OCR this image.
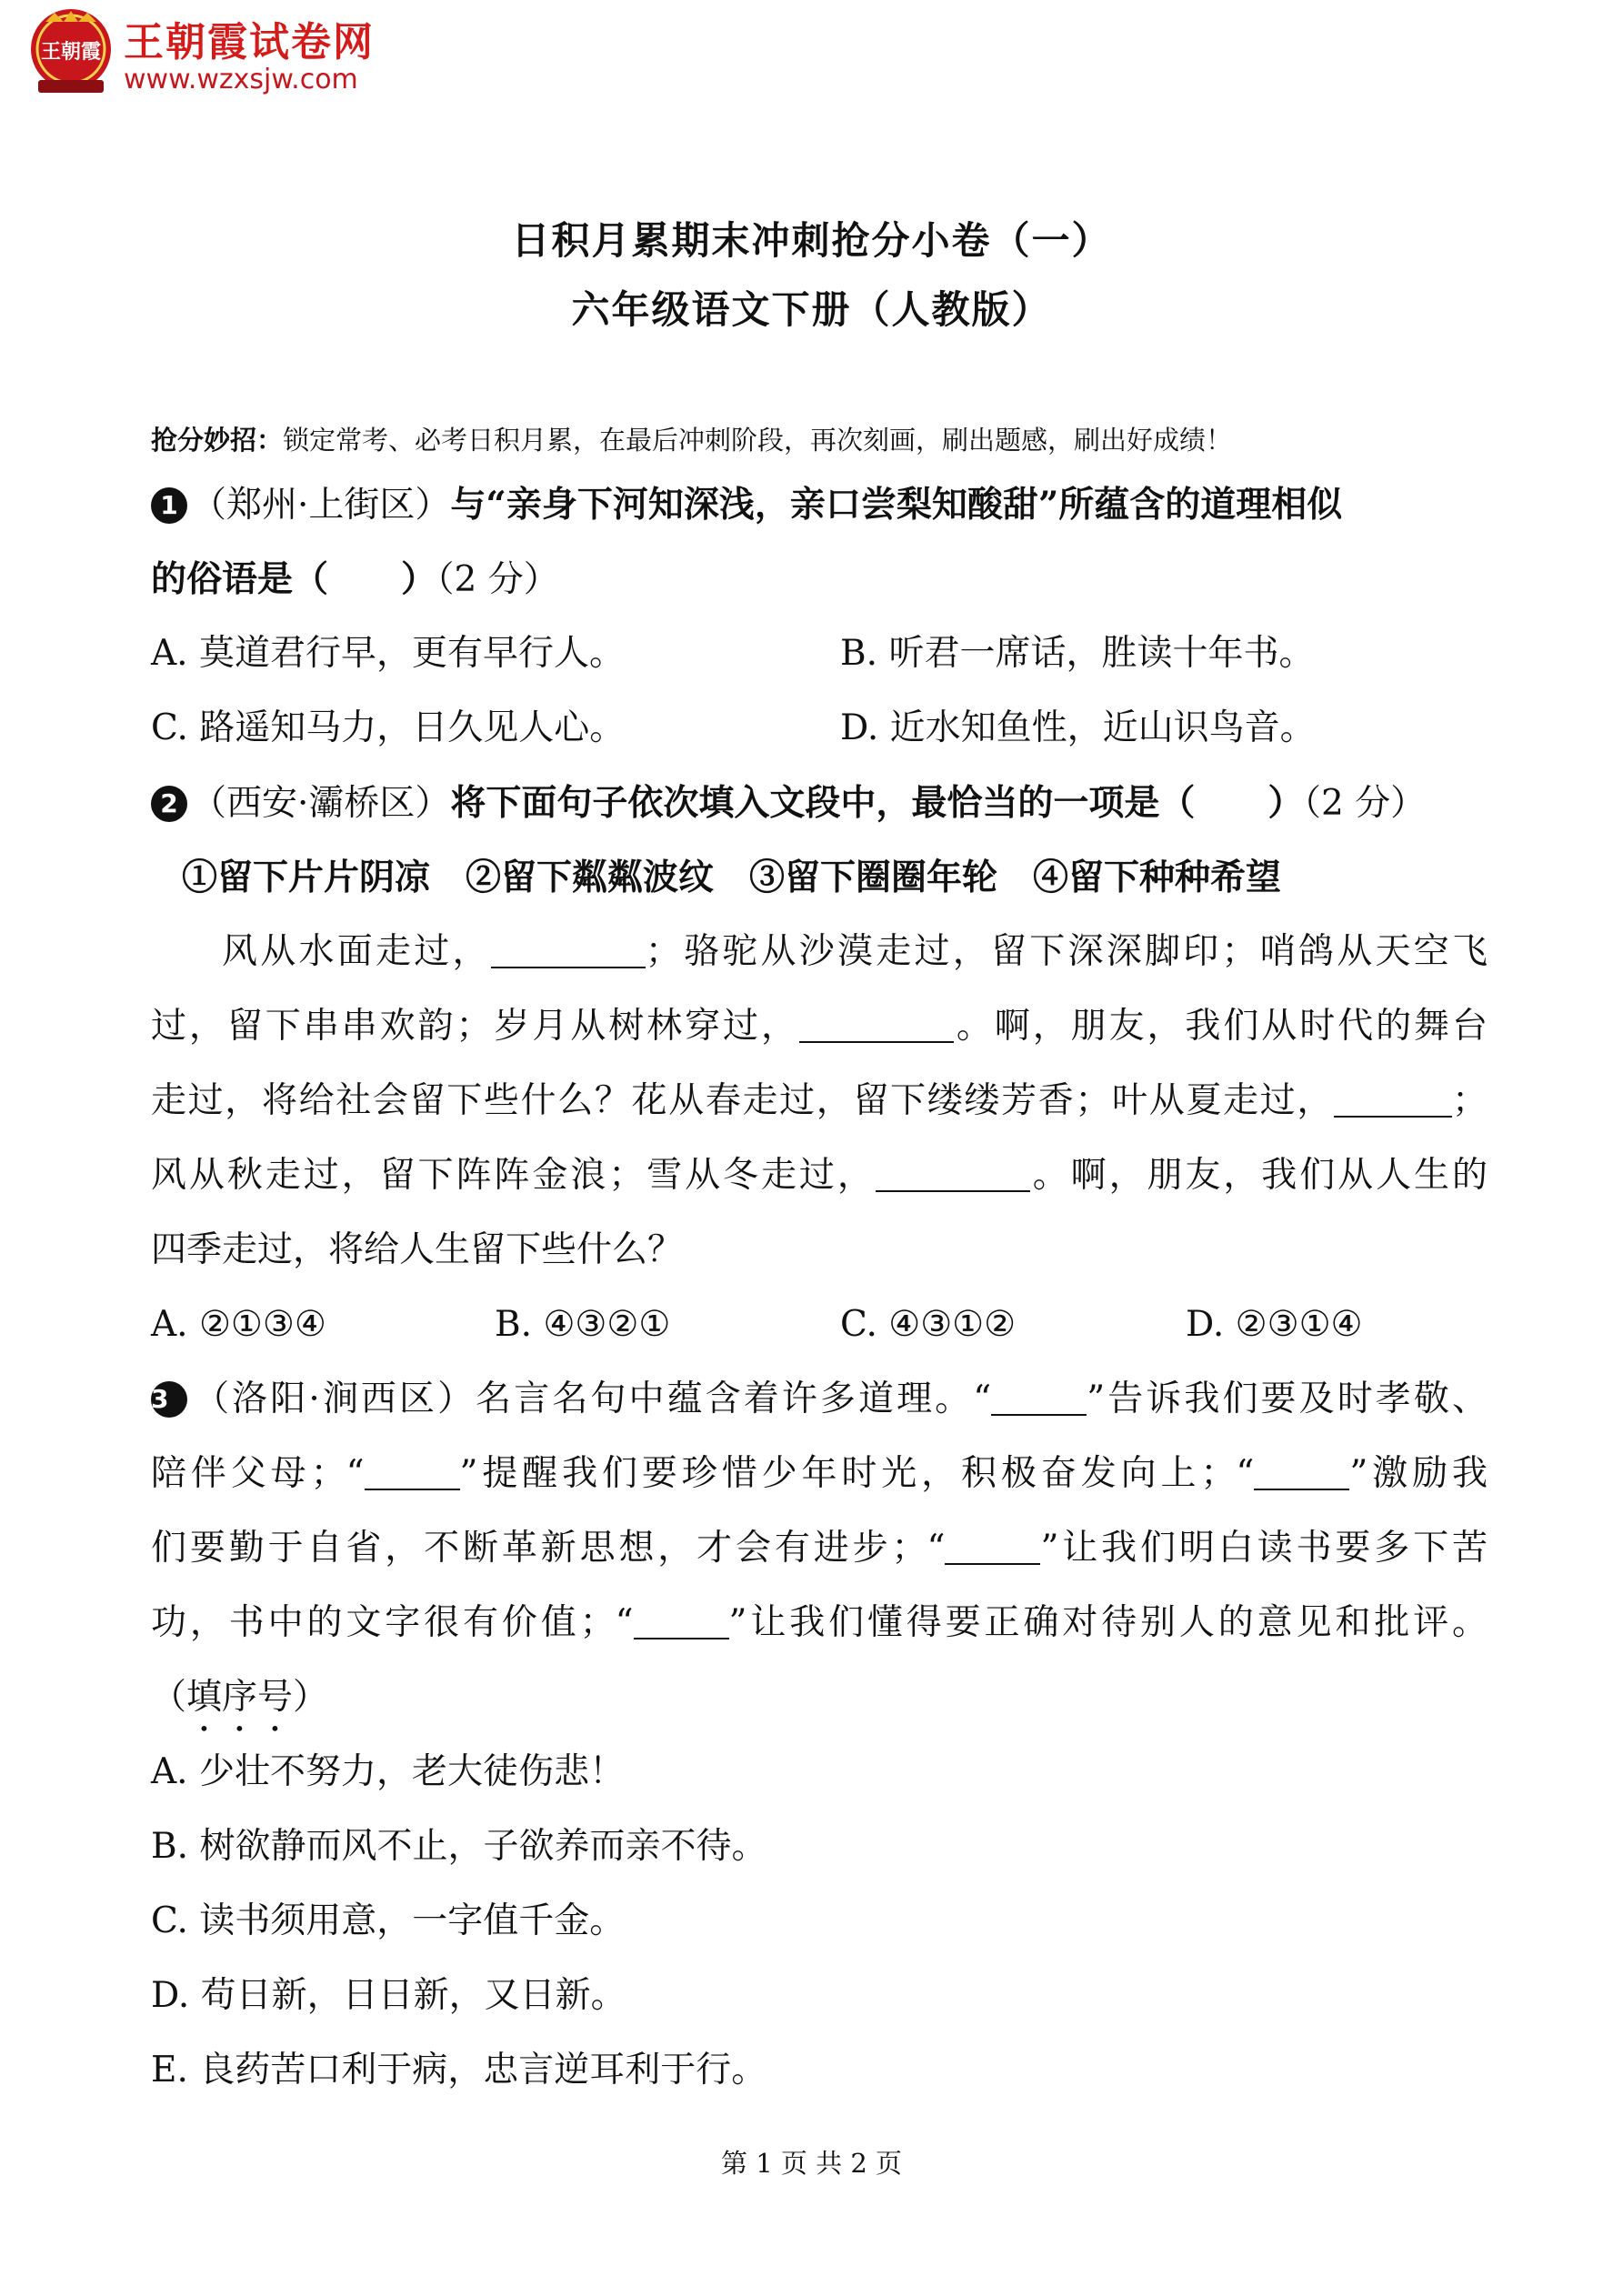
王朝霞 王朝霞试卷网
www.wzxsjw.com
日积月累期末冲刺抢分小卷（一）
六年级语文下册（人教版）
抢分妙招：锁定常考、必考日积月累，在最后冲刺阶段，再次刻画，刷出题感，刷出好成绩！
1 （郑州·上街区）与“亲身下河知深浅，亲口尝梨知酸甜”所蕴含的道理相似
的俗语是（ ）（2 分）
A. 莫道君行早，更有早行人。	B. 听君一席话，胜读十年书。
C. 路遥知马力，日久见人心。	D. 近水知鱼性，近山识鸟音。
2 （西安·灞桥区）将下面句子依次填入文段中，最恰当的一项是（ ）（2 分）
①留下片片阴凉　②留下粼粼波纹　③留下圈圈年轮　④留下种种希望
风从水面走过，	；骆驼从沙漠走过，留下深深脚印；哨鸽从天空飞
过，留下串串欢韵；岁月从树林穿过，	。啊，朋友，我们从时代的舞台
走过，将给社会留下些什么？花从春走过，留下缕缕芳香；叶从夏走过，	；
风从秋走过，留下阵阵金浪；雪从冬走过，	。啊，朋友，我们从人生的
四季走过，将给人生留下些什么？
A. ②①③④	B. ④③②①	C. ④③①②	D. ②③①④
3 （洛阳·涧西区）名言名句中蕴含着许多道理。“	”告诉我们要及时孝敬、
陪伴父母；“	”提醒我们要珍惜少年时光，积极奋发向上；“	”激励我
们要勤于自省，不断革新思想，才会有进步；“	”让我们明白读书要多下苦
功，书中的文字很有价值；“	”让我们懂得要正确对待别人的意见和批评。
（填序号）
A. 少壮不努力，老大徒伤悲！
B. 树欲静而风不止，子欲养而亲不待。
C. 读书须用意，一字值千金。
D. 苟日新，日日新，又日新。
E. 良药苦口利于病，忠言逆耳利于行。
第 1 页 共 2 页
